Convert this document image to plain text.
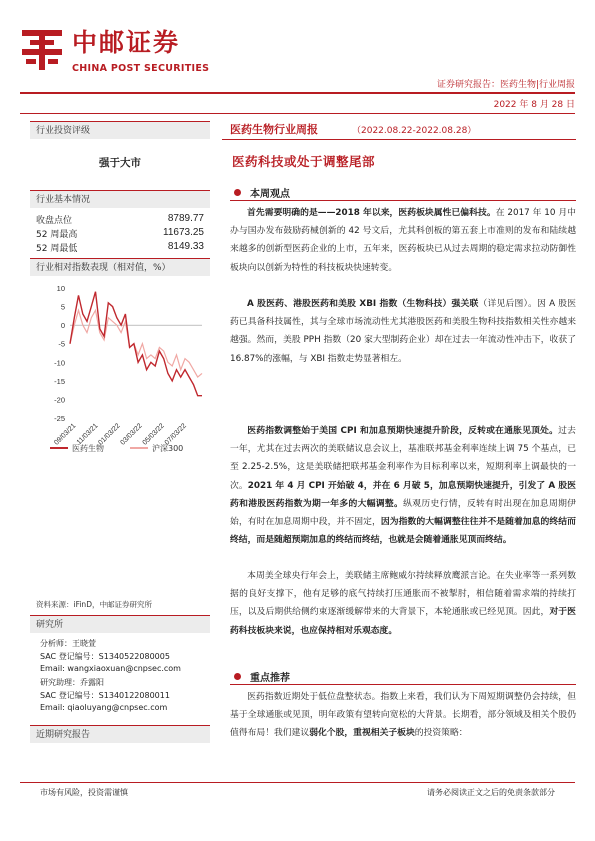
中邮证券
CHINA POST SECURITIES
证券研究报告：医药生物|行业周报
2022 年 8 月 28 日
行业投资评级
强于大市
行业基本情况
收盘点位	8789.77
52 周最高	11673.25
52 周最低	8149.33
行业相对指数表现（相对值，%）
10
5
0
-5
-10
-15
-20
-25
09/03/21
11/03/21
01/03/22
03/03/22
05/03/22
07/03/22
医药生物	沪深300
资料来源：iFinD，中邮证券研究所
研究所
分析师：王晓萱
SAC 登记编号：S1340522080005
Email: wangxiaoxuan@cnpsec.com
研究助理：乔露阳
SAC 登记编号：S1340122080011
Email: qiaoluyang@cnpsec.com
近期研究报告
医药生物行业周报	（2022.08.22-2022.08.28）
医药科技或处于调整尾部
本周观点
首先需要明确的是——2018 年以来，医药板块属性已偏科技。在 2017 年 10 月中办与国办发布鼓励药械创新的 42 号文后，尤其科创板的第五套上市准则的发布和陆续越来越多的创新型医药企业的上市，五年来，医药板块已从过去周期的稳定需求拉动防御性板块向以创新为特性的科技板块快速转变。
A 股医药、港股医药和美股 XBI 指数（生物科技）强关联（详见后图）。因 A 股医药已具备科技属性，其与全球市场流动性尤其港股医药和美股生物科技指数相关性亦越来越强。然而，美股 PPH 指数（20 家大型制药企业）却在过去一年流动性冲击下，收获了 16.87%的涨幅，与 XBI 指数走势显著相左。
医药指数调整始于美国 CPI 和加息预期快速提升阶段，反转或在通胀见顶处。过去一年，尤其在过去两次的美联储议息会议上，基准联邦基金利率连续上调 75 个基点，已至 2.25-2.5%，这是美联储把联邦基金利率作为目标利率以来，短期利率上调最快的一次。2021 年 4 月 CPI 开始破 4，并在 6 月破 5，加息预期快速提升，引发了 A 股医药和港股医药指数为期一年多的大幅调整。纵观历史行情，反转有时出现在加息周期伊始，有时在加息周期中段，并不固定，因为指数的大幅调整往往并不是随着加息的终结而终结，而是随超预期加息的终结而终结，也就是会随着通胀见顶而终结。
本周美全球央行年会上，美联储主席鲍威尔持续释放鹰派言论。在失业率等一系列数据的良好支撑下，他有足够的底气持续打压通胀而不被掣肘，相信随着需求端的持续打压，以及后期供给侧约束逐渐缓解带来的大背景下，本轮通胀或已经见顶。因此，对于医药科技板块来说，也应保持相对乐观态度。
重点推荐
医药指数近期处于低位盘整状态。指数上来看，我们认为下周短期调整仍会持续，但基于全球通胀或见顶，明年政策有望转向宽松的大背景。长期看，部分领域及相关个股仍值得布局！我们建议弱化个股，重视相关子板块的投资策略：
市场有风险，投资需谨慎	请务必阅读正文之后的免责条款部分
